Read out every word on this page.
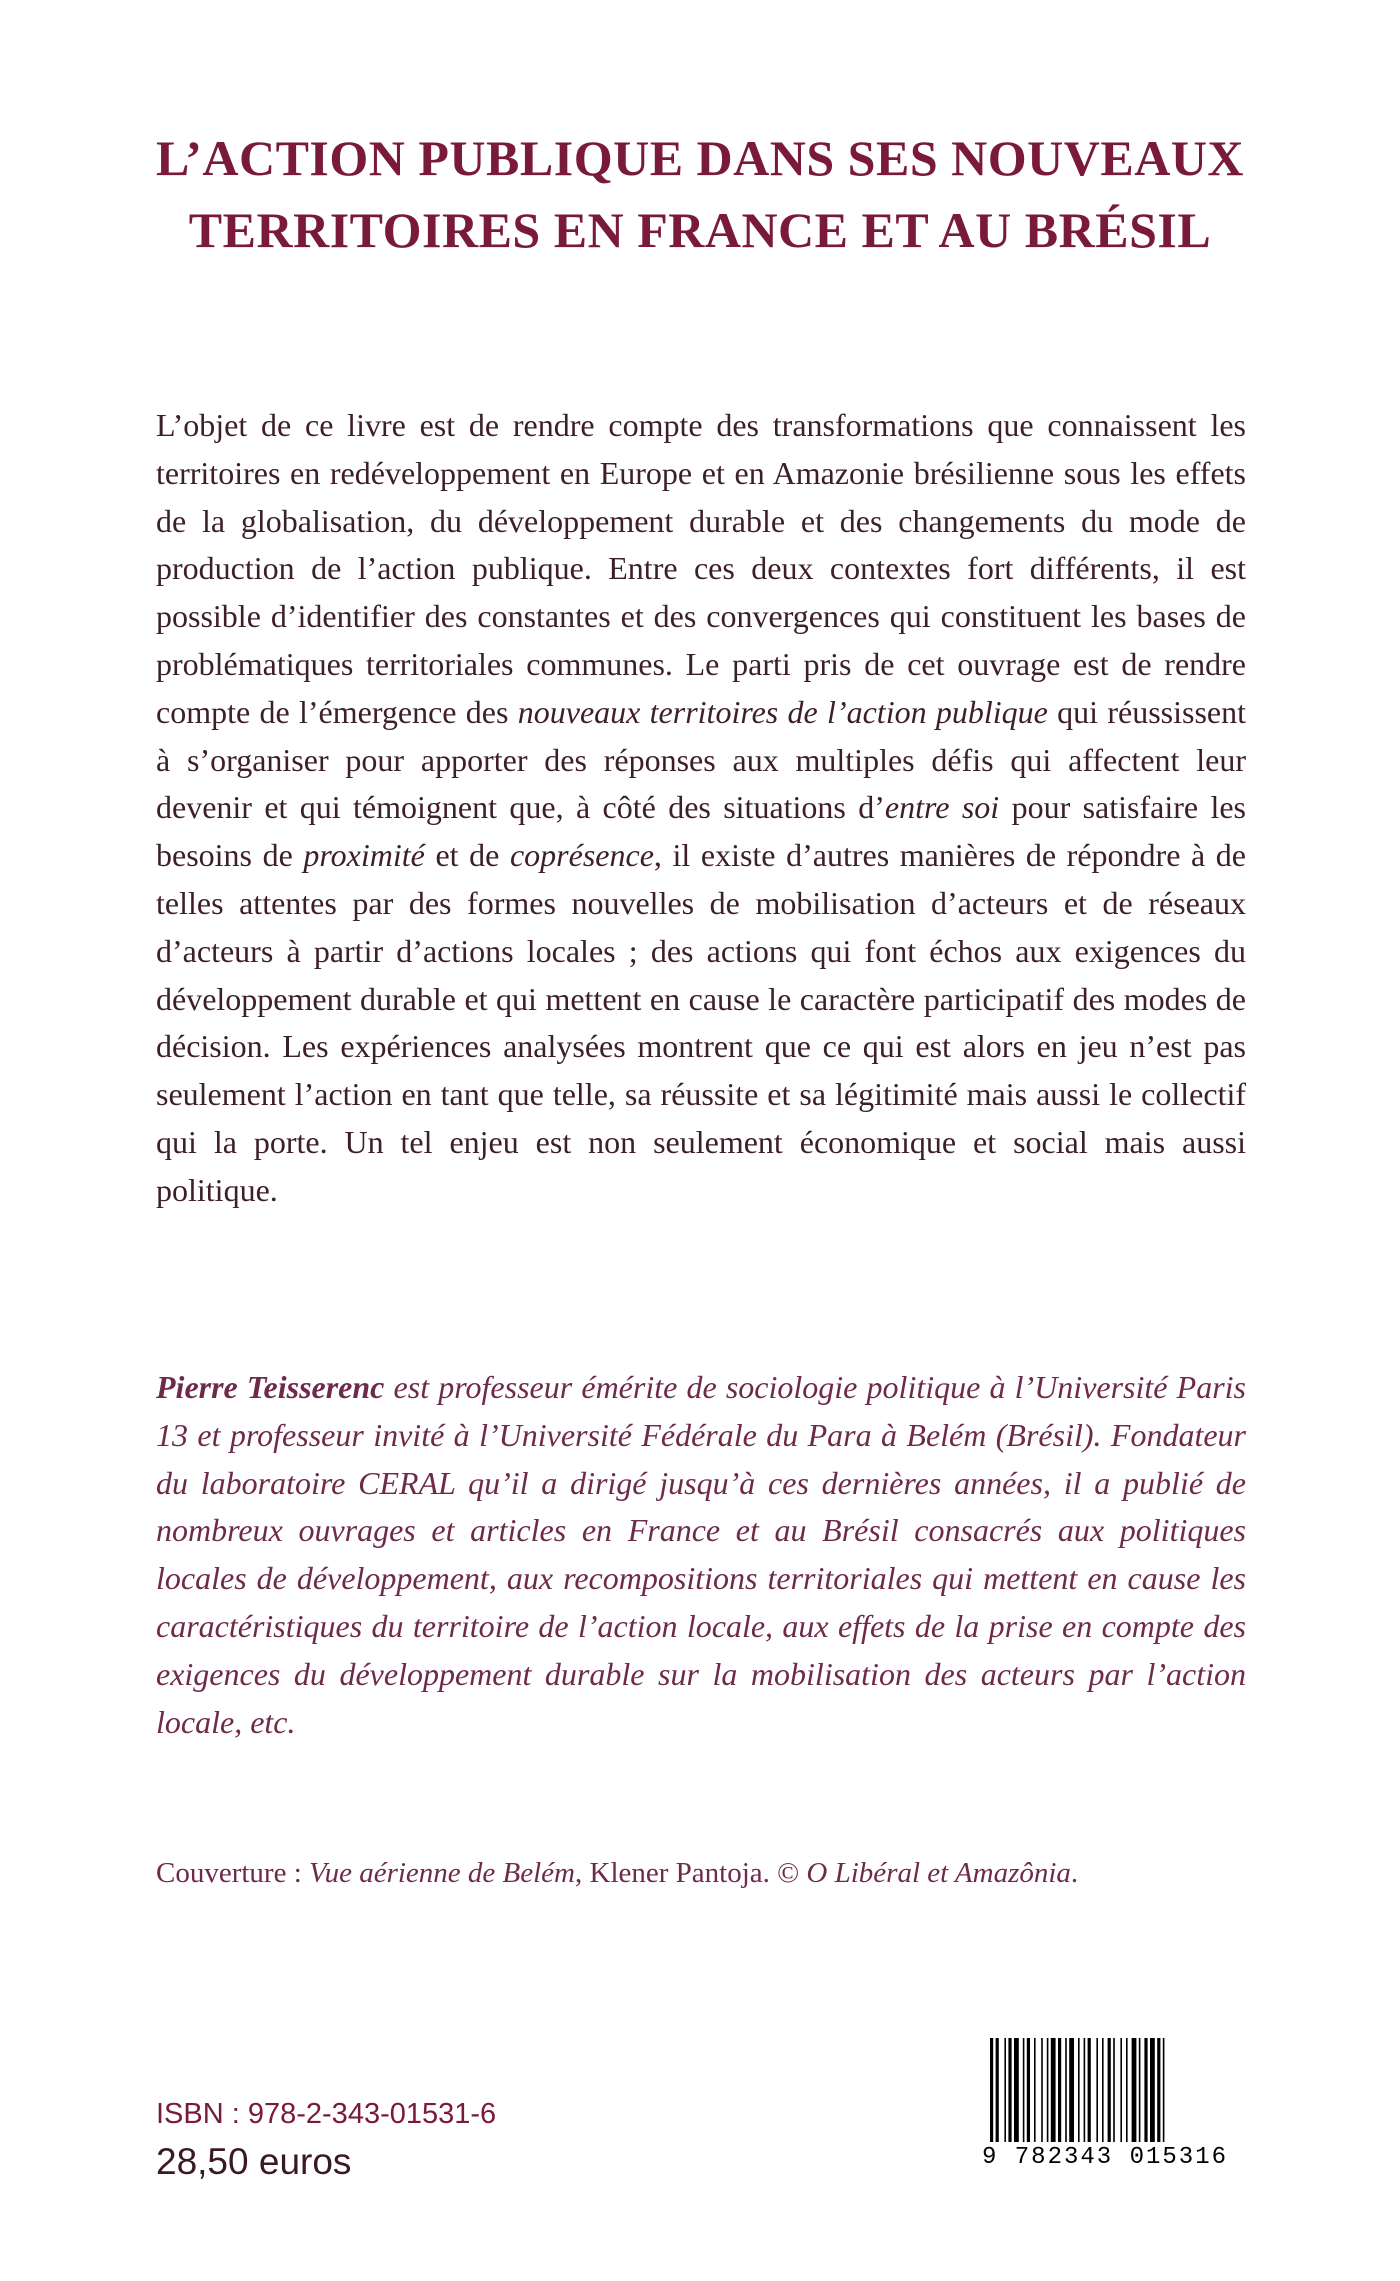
L’ACTION PUBLIQUE DANS SES NOUVEAUX
TERRITOIRES EN FRANCE ET AU BRÉSIL

L’objet de ce livre est de rendre compte des transformations que connaissent les territoires en redéveloppement en Europe et en Amazonie brésilienne sous les effets de la globalisation, du développement durable et des changements du mode de production de l’action publique. Entre ces deux contextes fort différents, il est possible d’identifier des constantes et des convergences qui constituent les bases de problématiques territoriales communes. Le parti pris de cet ouvrage est de rendre compte de l’émergence des nouveaux territoires de l’action publique qui réussissent à s’organiser pour apporter des réponses aux multiples défis qui affectent leur devenir et qui témoignent que, à côté des situations d’entre soi pour satisfaire les besoins de proximité et de coprésence, il existe d’autres manières de répondre à de telles attentes par des formes nouvelles de mobilisation d’acteurs et de réseaux d’acteurs à partir d’actions locales ; des actions qui font échos aux exigences du développement durable et qui mettent en cause le caractère participatif des modes de décision. Les expériences analysées montrent que ce qui est alors en jeu n’est pas seulement l’action en tant que telle, sa réussite et sa légitimité mais aussi le collectif qui la porte. Un tel enjeu est non seulement économique et social mais aussi politique.

Pierre Teisserenc est professeur émérite de sociologie politique à l’Université Paris 13 et professeur invité à l’Université Fédérale du Para à Belém (Brésil). Fondateur du laboratoire CERAL qu’il a dirigé jusqu’à ces dernières années, il a publié de nombreux ouvrages et articles en France et au Brésil consacrés aux politiques locales de développement, aux recompositions territoriales qui mettent en cause les caractéristiques du territoire de l’action locale, aux effets de la prise en compte des exigences du développement durable sur la mobilisation des acteurs par l’action locale, etc.

Couverture : Vue aérienne de Belém, Klener Pantoja. © O Libéral et Amazônia.

ISBN : 978-2-343-01531-6

28,50 euros	9 782343 015316
